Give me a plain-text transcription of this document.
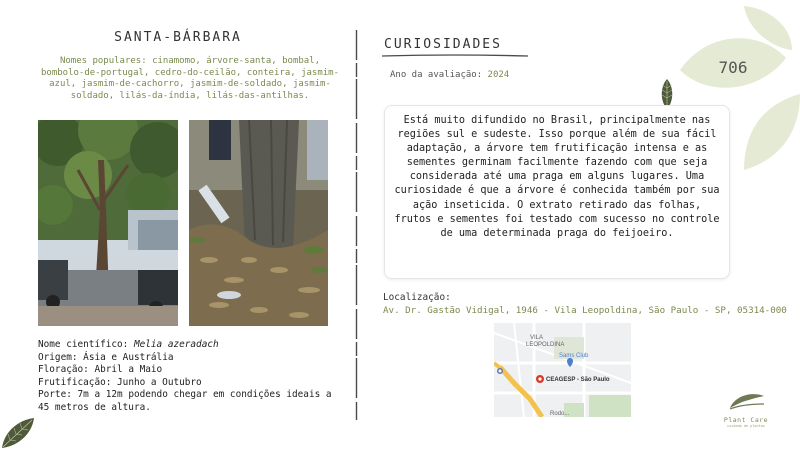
SANTA-BÁRBARA
Nomes populares: cinamomo, árvore-santa, bombal, bombolo-de-portugal, cedro-do-ceilão, conteira, jasmim-azul, jasmim-de-cachorro, jasmim-de-soldado, jasmim-soldado, lilás-da-índia, lilás-das-antilhas.
Nome científico: Melia azeradach
Origem: Ásia e Austrália
Floração: Abril a Maio
Frutificação: Junho a Outubro
Porte: 7m a 12m podendo chegar em condições ideais a 45 metros de altura.
CURIOSIDADES
Ano da avaliação: 2024	706
Está muito difundido no Brasil, principalmente nas regiões sul e sudeste. Isso porque além de sua fácil adaptação, a árvore tem frutificação intensa e as sementes germinam facilmente fazendo com que seja considerada até uma praga em alguns lugares. Uma curiosidade é que a árvore é conhecida também por sua ação inseticida. O extrato retirado das folhas, frutos e sementes foi testado com sucesso no controle de uma determinada praga do feijoeiro.
Localização:
Av. Dr. Gastão Vidigal, 1946 - Vila Leopoldina, São Paulo - SP, 05314-000
VILA
LEOPOLDINA
Sams Club
CEAGESP - São Paulo
Rodo...
Plant Care
cuidado de plantas
